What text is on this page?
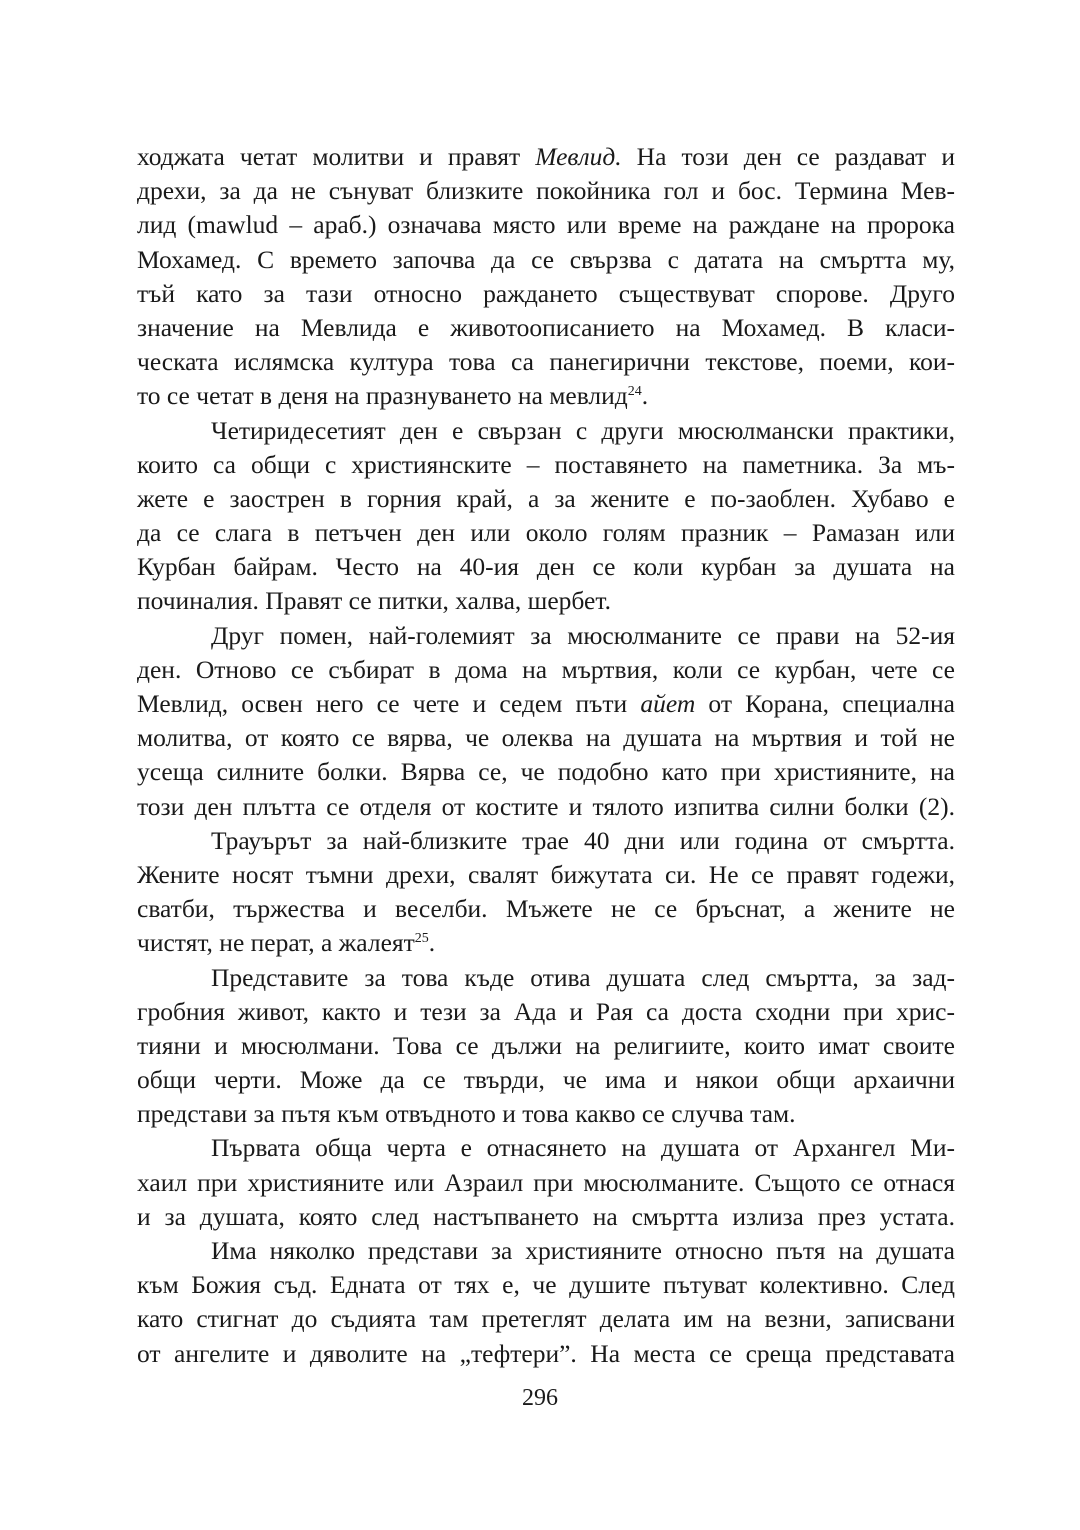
ходжата четат молитви и правят Мевлид. На този ден се раздават и
дрехи, за да не сънуват близките покойника гол и бос. Термина Мев-
лид (mawlud – араб.) означава място или време на раждане на пророка
Мохамед. С времето започва да се свързва с датата на смъртта му,
тъй като за тази относно раждането съществуват спорове. Друго
значение на Мевлида е животоописанието на Мохамед. В класи-
ческата ислямска култура това са панегирични текстове, поеми, кои-
то се четат в деня на празнуването на мевлид$^{24}$.
Четиридесетият ден е свързан с други мюсюлмански практики,
които са общи с християнските – поставянето на паметника. За мъ-
жете е заострен в горния край, а за жените е по-заоблен. Хубаво е
да се слага в петъчен ден или около голям празник – Рамазан или
Курбан байрам. Често на 40-ия ден се коли курбан за душата на
починалия. Правят се питки, халва, шербет.
Друг помен, най-големият за мюсюлманите се прави на 52-ия
ден. Отново се събират в дома на мъртвия, коли се курбан, чете се
Мевлид, освен него се чете и седем пъти айет от Корана, специална
молитва, от която се вярва, че олеква на душата на мъртвия и той не
усеща силните болки. Вярва се, че подобно като при християните, на
този ден плътта се отделя от костите и тялото изпитва силни болки (2).
Трауърът за най-близките трае 40 дни или година от смъртта.
Жените носят тъмни дрехи, свалят бижутата си. Не се правят годежи,
сватби, тържества и веселби. Мъжете не се бръснат, а жените не
чистят, не перат, а жалеят$^{25}$.
Представите за това къде отива душата след смъртта, за зад-
гробния живот, както и тези за Ада и Рая са доста сходни при хрис-
тияни и мюсюлмани. Това се дължи на религиите, които имат своите
общи черти. Може да се твърди, че има и някои общи архаични
представи за пътя към отвъдното и това какво се случва там.
Първата обща черта е отнасянето на душата от Архангел Ми-
хаил при християните или Азраил при мюсюлманите. Същото се отнася
и за душата, която след настъпването на смъртта излиза през устата.
Има няколко представи за християните относно пътя на душата
към Божия съд. Едната от тях е, че душите пътуват колективно. След
като стигнат до съдията там претеглят делата им на везни, записвани
от ангелите и дяволите на „тефтери”. На места се среща представата
296
